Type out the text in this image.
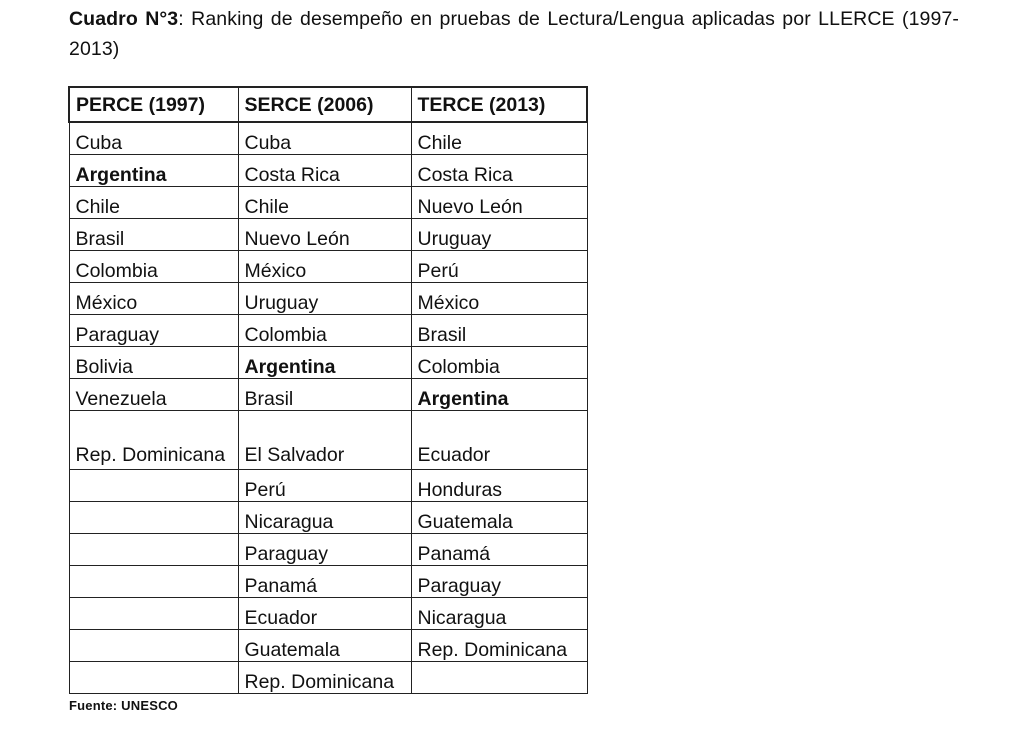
Cuadro N°3: Ranking de desempeño en pruebas de Lectura/Lengua aplicadas por LLERCE (1997-2013)
PERCE (1997)	SERCE (2006)	TERCE (2013)
Cuba	Cuba	Chile
Argentina	Costa Rica	Costa Rica
Chile	Chile	Nuevo León
Brasil	Nuevo León	Uruguay
Colombia	México	Perú
México	Uruguay	México
Paraguay	Colombia	Brasil
Bolivia	Argentina	Colombia
Venezuela	Brasil	Argentina
Rep. Dominicana	El Salvador	Ecuador
	Perú	Honduras
	Nicaragua	Guatemala
	Paraguay	Panamá
	Panamá	Paraguay
	Ecuador	Nicaragua
	Guatemala	Rep. Dominicana
	Rep. Dominicana	
Fuente: UNESCO
